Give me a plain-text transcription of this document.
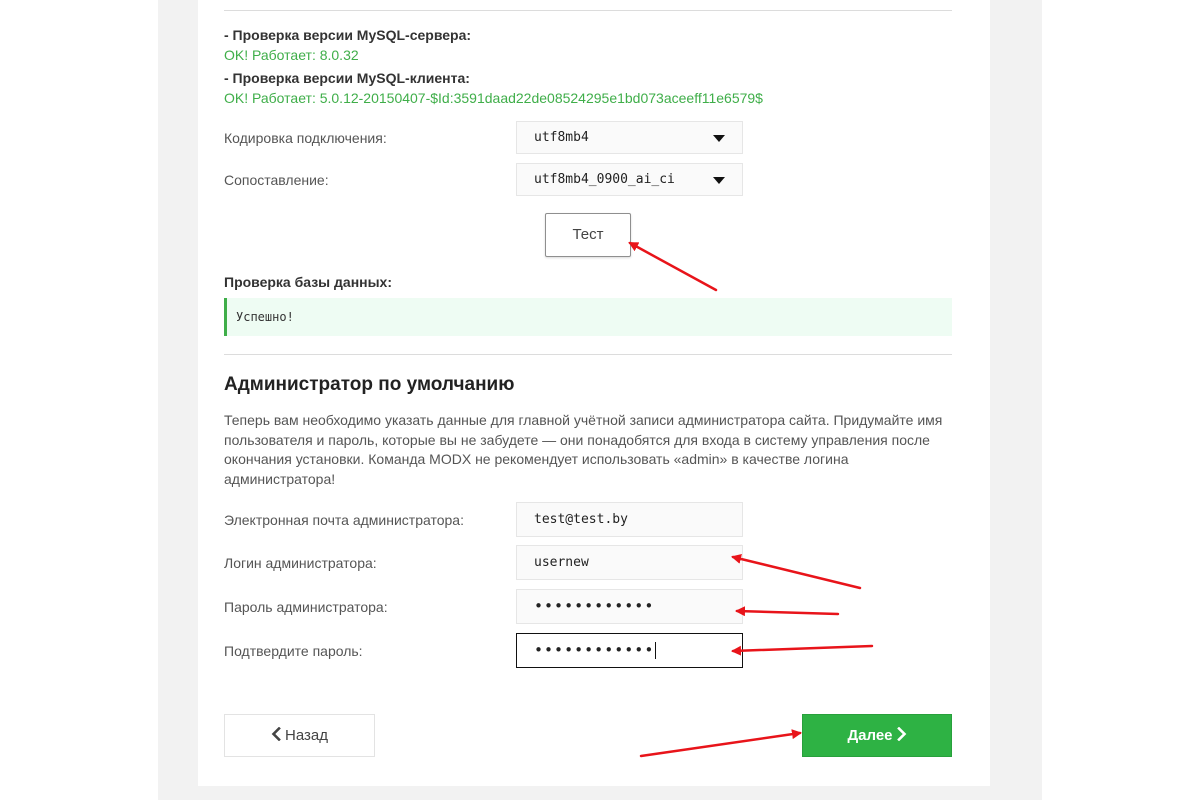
- Проверка версии MySQL-сервера:
OK! Работает: 8.0.32
- Проверка версии MySQL-клиента:
OK! Работает: 5.0.12-20150407-$Id:3591daad22de08524295e1bd073aceeff11e6579$
Кодировка подключения:	utf8mb4
Сопоставление:	utf8mb4_0900_ai_ci
Тест
Проверка базы данных:
Успешно!
Администратор по умолчанию
Теперь вам необходимо указать данные для главной учётной записи администратора сайта. Придумайте имя пользователя и пароль, которые вы не забудете — они понадобятся для входа в систему управления после окончания установки. Команда MODX не рекомендует использовать «admin» в качестве логина администратора!
Электронная почта администратора:	test@test.by
Логин администратора:	usernew
Пароль администратора:	••••••••••••
Подтвердите пароль:	••••••••••••
Назад	Далее
